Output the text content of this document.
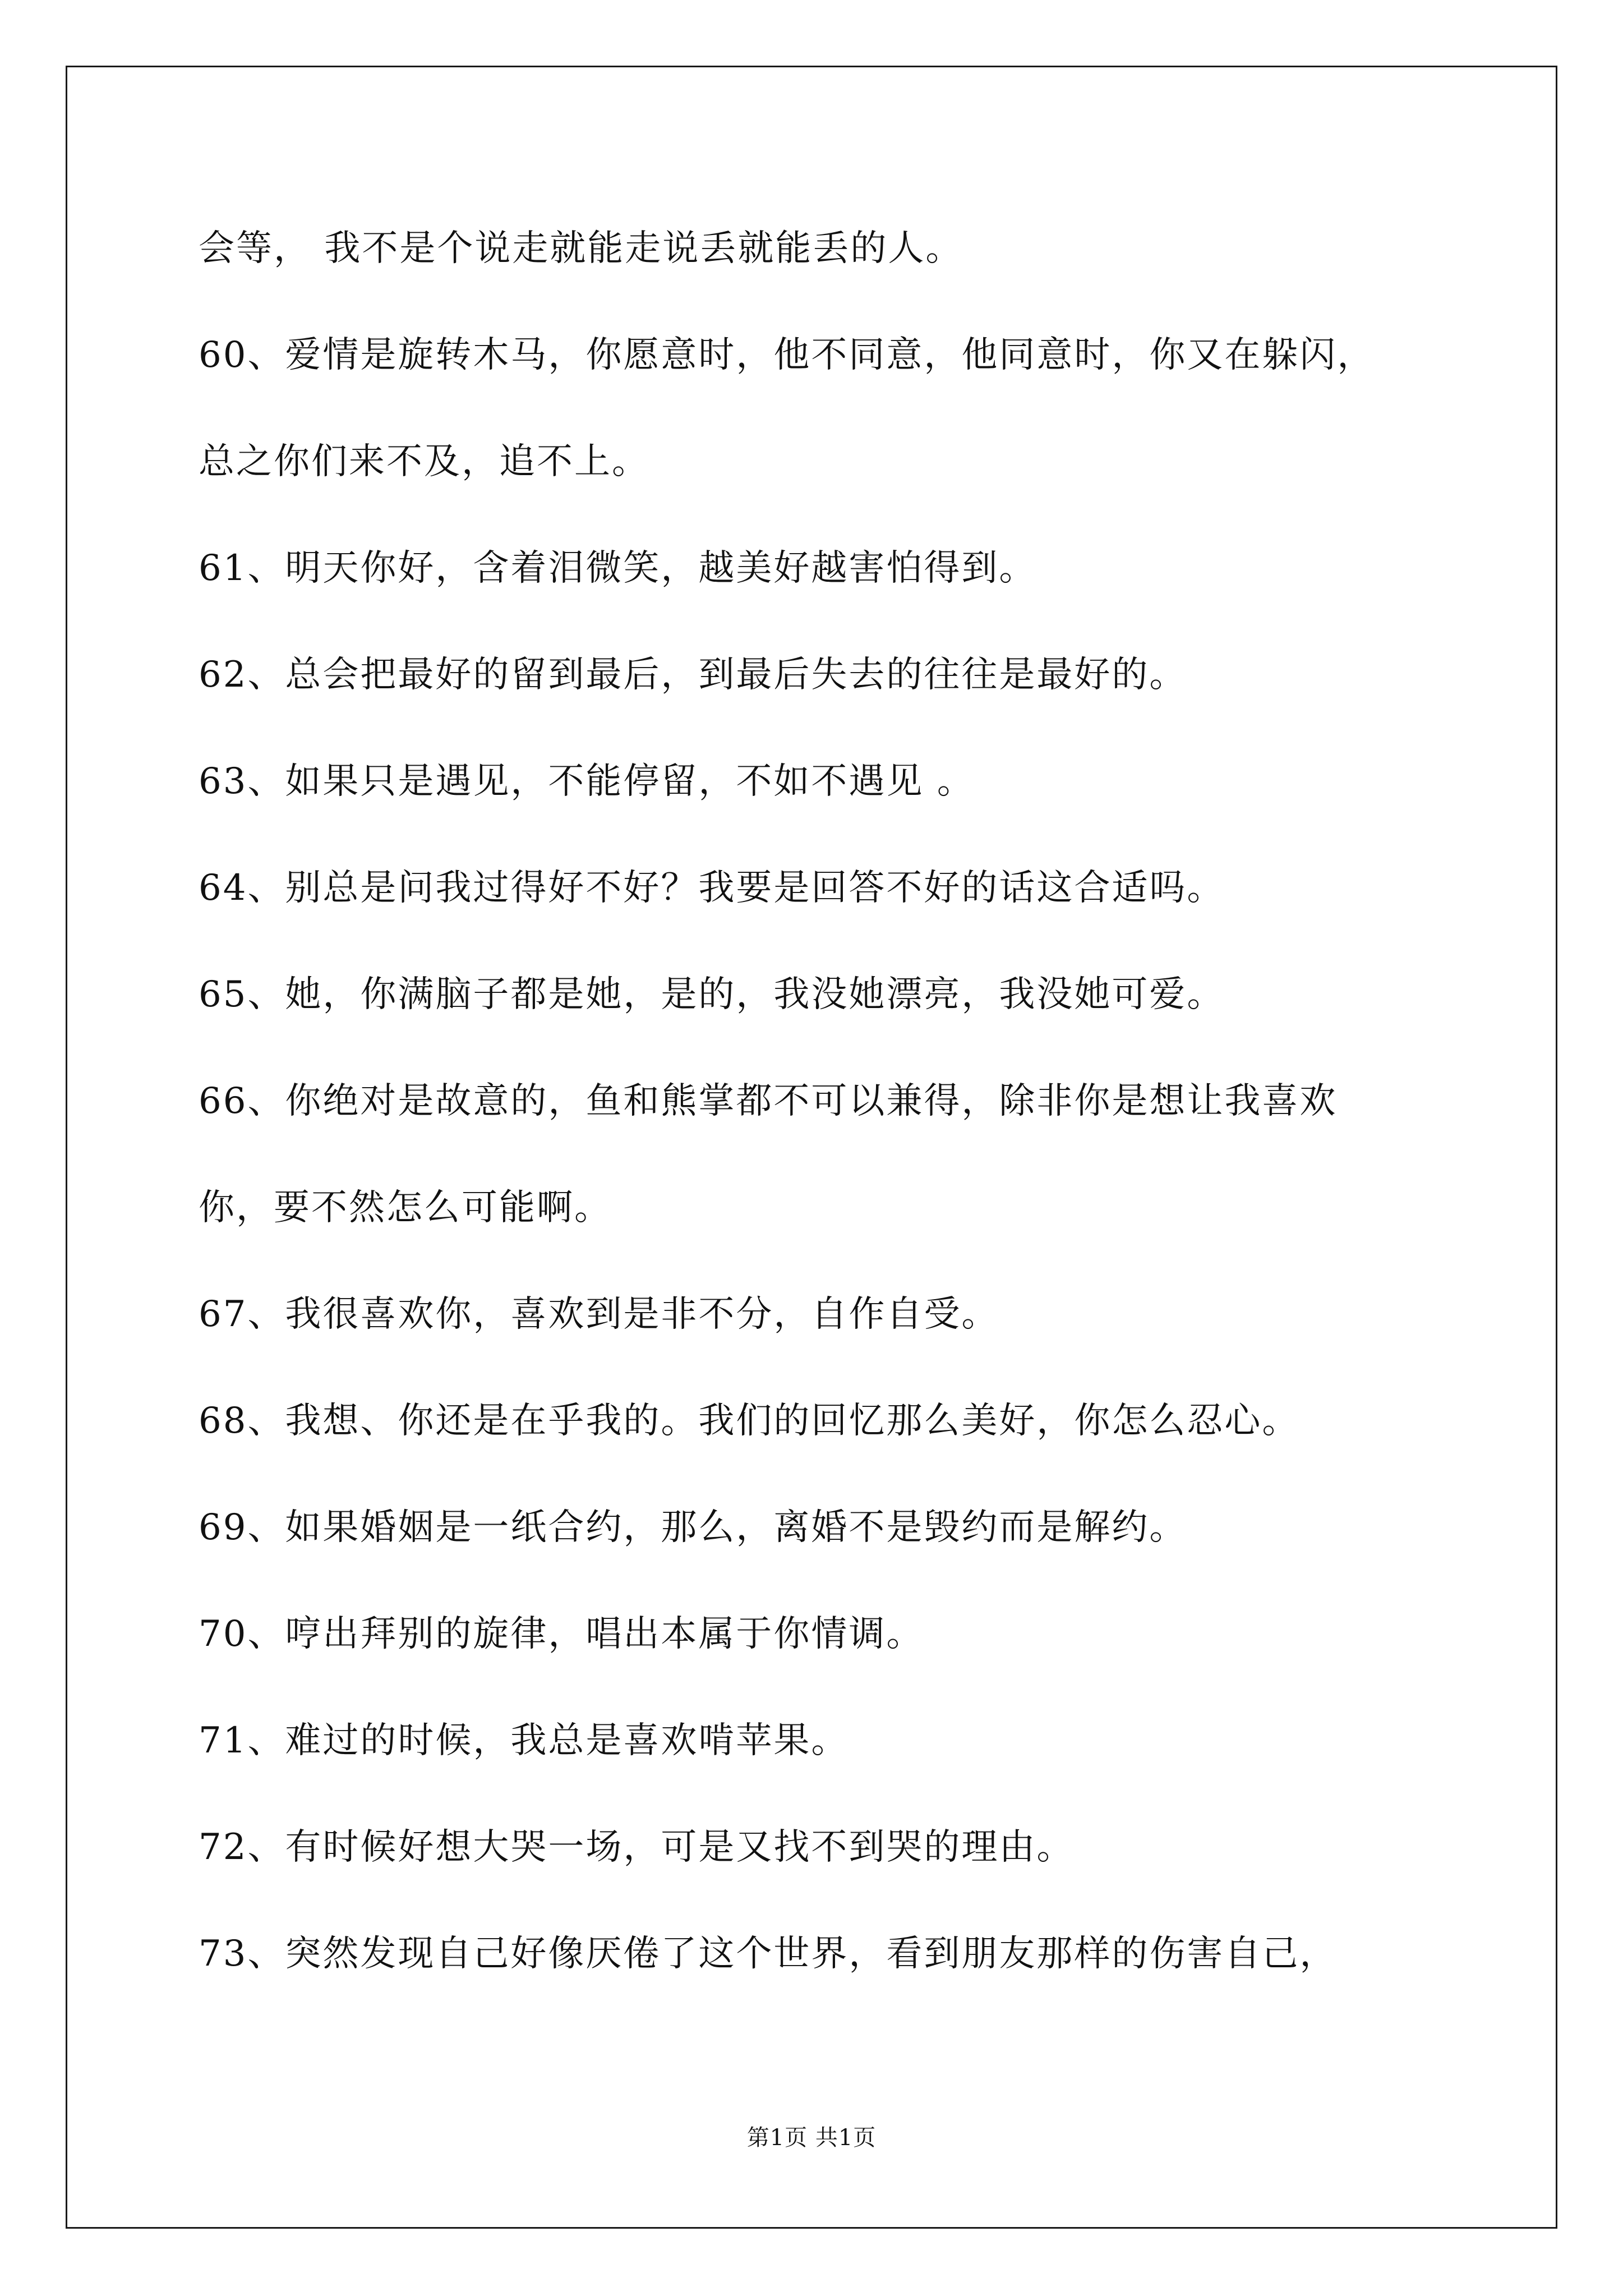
会等， 我不是个说走就能走说丢就能丢的人。
60、爱情是旋转木马，你愿意时，他不同意，他同意时，你又在躲闪，
总之你们来不及，追不上。
61、明天你好，含着泪微笑，越美好越害怕得到。
62、总会把最好的留到最后，到最后失去的往往是最好的。
63、如果只是遇见，不能停留，不如不遇见 。
64、别总是问我过得好不好？我要是回答不好的话这合适吗。
65、她，你满脑子都是她，是的，我没她漂亮，我没她可爱。
66、你绝对是故意的，鱼和熊掌都不可以兼得，除非你是想让我喜欢
你，要不然怎么可能啊。
67、我很喜欢你，喜欢到是非不分，自作自受。
68、我想、你还是在乎我的。我们的回忆那么美好，你怎么忍心。
69、如果婚姻是一纸合约，那么，离婚不是毁约而是解约。
70、哼出拜别的旋律，唱出本属于你情调。
71、难过的时候，我总是喜欢啃苹果。
72、有时候好想大哭一场，可是又找不到哭的理由。
73、突然发现自己好像厌倦了这个世界，看到朋友那样的伤害自己，
第1页 共1页
